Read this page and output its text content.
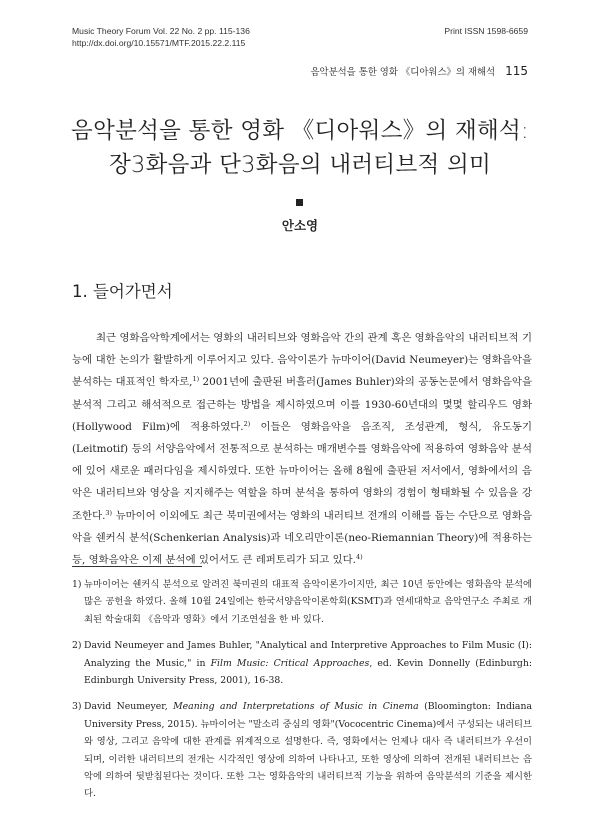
Music Theory Forum Vol. 22 No. 2 pp. 115-136
http://dx.doi.org/10.15571/MTF.2015.22.2.115
Print ISSN 1598-6659
음악분석을 통한 영화 《디아워스》의 재해석 115
음악분석을 통한 영화 《디아워스》의 재해석:
장3화음과 단3화음의 내러티브적 의미
안소영
1. 들어가면서

최근 영화음악학계에서는 영화의 내러티브와 영화음악 간의 관계 혹은 영화음악의 내러티브적 기능에 대한 논의가 활발하게 이루어지고 있다. 음악이론가 뉴마이어(David Neumeyer)는 영화음악을 분석하는 대표적인 학자로,$^{1)}$ 2001년에 출판된 버흘러(James Buhler)와의 공동논문에서 영화음악을 분석적 그리고 해석적으로 접근하는 방법을 제시하였으며 이를 1930-60년대의 몇몇 할리우드 영화(Hollywood Film)에 적용하였다.$^{2)}$ 이들은 영화음악을 음조직, 조성관계, 형식, 유도동기(Leitmotif) 등의 서양음악에서 전통적으로 분석하는 매개변수를 영화음악에 적용하여 영화음악 분석에 있어 새로운 패러다임을 제시하였다. 또한 뉴마이어는 올해 8월에 출판된 저서에서, 영화에서의 음악은 내러티브와 영상을 지지해주는 역할을 하며 분석을 통하여 영화의 경험이 형태화될 수 있음을 강조한다.$^{3)}$ 뉴마이어 이외에도 최근 북미권에서는 영화의 내러티브 전개의 이해를 돕는 수단으로 영화음악을 쉔커식 분석(Schenkerian Analysis)과 네오리만이론(neo-Riemannian Theory)에 적용하는 등, 영화음악은 이제 분석에 있어서도 큰 레퍼토리가 되고 있다.$^{4)}$

1) 뉴마이어는 쉔커식 분석으로 알려진 북미권의 대표적 음악이론가이지만, 최근 10년 동안에는 영화음악 분석에 많은 공헌을 하였다. 올해 10월 24일에는 한국서양음악이론학회(KSMT)과 연세대학교 음악연구소 주최로 개최된 학술대회 《음악과 영화》에서 기조연설을 한 바 있다.
2) David Neumeyer and James Buhler, "Analytical and Interpretive Approaches to Film Music (I): Analyzing the Music," in Film Music: Critical Approaches, ed. Kevin Donnelly (Edinburgh: Edinburgh University Press, 2001), 16-38.
3) David Neumeyer, Meaning and Interpretations of Music in Cinema (Bloomington: Indiana University Press, 2015). 뉴마이어는 "말소리 중심의 영화"(Vococentric Cinema)에서 구성되는 내러티브와 영상, 그리고 음악에 대한 관계를 위계적으로 설명한다. 즉, 영화에서는 언제나 대사 즉 내러티브가 우선이 되며, 이러한 내러티브의 전개는 시각적인 영상에 의하여 나타나고, 또한 영상에 의하여 전개된 내러티브는 음악에 의하여 뒷받침된다는 것이다. 또한 그는 영화음악의 내러티브적 기능을 위하여 음악분석의 기준을 제시한다.
